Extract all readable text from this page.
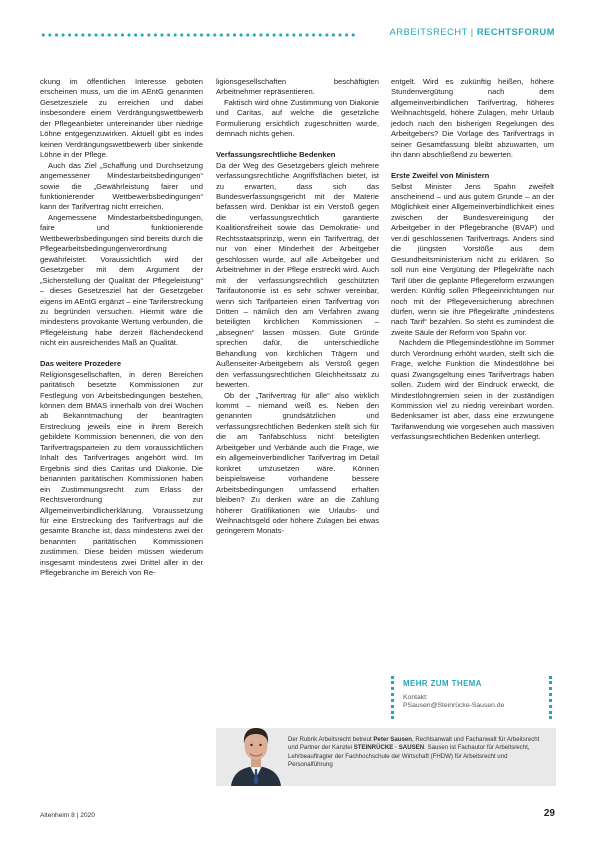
ARBEITSRECHT | RECHTSFORUM

ckung im öffentlichen Interesse geboten erscheinen muss, um die im AEntG genannten Gesetzesziele zu erreichen und dabei insbesondere einem Verdrängungswettbewerb der Pflegeanbieter untereinander über niedrige Löhne entgegenzuwirken. Aktuell gibt es indes keinen Verdrängungswettbewerb über sinkende Löhne in der Pflege.

Auch das Ziel „Schaffung und Durchsetzung angemessener Mindestarbeitsbedingungen“ sowie die „Gewährleistung fairer und funktionierender Wettbewerbsbedingungen“ kann der Tarifvertrag nicht erreichen.

Angemessene Mindestarbeitsbedingungen, faire und funktionierende Wettbewerbsbedingungen sind bereits durch die Pflegearbeitsbedingungenverordnung gewährleistet. Voraussichtlich wird der Gesetzgeber mit dem Argument der „Sicherstellung der Qualität der Pflegeleistung“ – dieses Gesetzesziel hat der Gesetzgeber eigens im AEntG ergänzt – eine Tariferstreckung zu begründen versuchen. Hiermit wäre die mindestens provokante Wertung verbunden, die Pflegeleistung habe derzeit flächendeckend nicht ein ausreichendes Maß an Qualität.

Das weitere Prozedere

Religionsgesellschaften, in deren Bereichen paritätisch besetzte Kommissionen zur Festlegung von Arbeitsbedingungen bestehen, können dem BMAS innerhalb von drei Wochen ab Bekanntmachung der beantragten Erstreckung jeweils eine in ihrem Bereich gebildete Kommission benennen, die von den Tarifvertragsparteien zu dem voraussichtlichen Inhalt des Tarifvertrages angehört wird. Im Ergebnis sind dies Caritas und Diakonie. Die benannten paritätischen Kommissionen haben ein Zustimmungsrecht zum Erlass der Rechtsverordnung zur Allgemeinverbindlicherklärung. Voraussetzung für eine Erstreckung des Tarifvertrags auf die gesamte Branche ist, dass mindestens zwei der benannten paritätischen Kommissionen zustimmen. Diese beiden müssen wiederum insgesamt mindestens zwei Drittel aller in der Pflegebranche im Bereich von Re-

ligionsgesellschaften beschäftigten Arbeitnehmer repräsentieren.

Faktisch wird ohne Zustimmung von Diakonie und Caritas, auf welche die gesetzliche Formulierung ersichtlich zugeschnitten wurde, demnach nichts gehen.

Verfassungsrechtliche Bedenken

Da der Weg des Gesetzgebers gleich mehrere verfassungsrechtliche Angriffsflächen bietet, ist zu erwarten, dass sich das Bundesverfassungsgericht mit der Materie befassen wird. Denkbar ist ein Verstoß gegen die verfassungsrechtlich garantierte Koalitionsfreiheit sowie das Demokratie- und Rechtsstaatsprinzip, wenn ein Tarifvertrag, der nur von einer Minderheit der Arbeitgeber geschlossen wurde, auf alle Arbeitgeber und Arbeitnehmer in der Pflege erstreckt wird. Auch mit der verfassungsrechtlich geschützten Tarifautonomie ist es sehr schwer vereinbar, wenn sich Tarifparteien einen Tarifvertrag von Dritten – nämlich den am Verfahren zwang beteiligten kirchlichen Kommissionen – „absegnen“ lassen müssen. Gute Gründe sprechen dafür, die unterschiedliche Behandlung von kirchlichen Trägern und Außenseiter-Arbeitgebern als Verstoß gegen den verfassungsrechtlichen Gleichheitssatz zu bewerten.

Ob der „Tarifvertrag für alle“ also wirklich kommt – niemand weiß es. Neben den genannten grundsätzlichen und verfassungsrechtlichen Bedenken stellt sich für die am Tarifabschluss nicht beteiligten Arbeitgeber und Verbände auch die Frage, wie ein allgemeinverbindlicher Tarifvertrag im Detail konkret umzusetzen wäre. Können beispielsweise vorhandene bessere Arbeitsbedingungen umfassend erhalten bleiben? Zu denken wäre an die Zahlung höherer Gratifikationen wie Urlaubs- und Weihnachtsgeld oder höhere Zulagen bei etwas geringerem Monats-

entgelt. Wird es zukünftig heißen, höhere Stundenvergütung nach dem allgemeinverbindlichen Tarifvertrag, höheres Weihnachtsgeld, höhere Zulagen, mehr Urlaub jedoch nach den bisherigen Regelungen des Arbeitgebers? Die Vorlage des Tarifvertrags in seiner Gesamtfassung bleibt abzuwarten, um ihn dann abschließend zu bewerten.

Erste Zweifel von Ministern

Selbst Minister Jens Spahn zweifelt anscheinend – und aus gutem Grunde – an der Möglichkeit einer Allgemeinverbindlichkeit eines zwischen der Bundesvereinigung der Arbeitgeber in der Pflegebranche (BVAP) und ver.di geschlossenen Tarifvertrags. Anders sind die jüngsten Vorstöße aus dem Gesundheitsministerium nicht zu erklären. So soll nun eine Vergütung der Pflegekräfte nach Tarif über die geplante Pflegereform erzwungen werden: Künftig sollen Pflegeeinrichtungen nur noch mit der Pflegeversicherung abrechnen dürfen, wenn sie ihre Pflegekräfte „mindestens nach Tarif“ bezahlen. So steht es zumindest die zweite Säule der Reform von Spahn vor.

Nachdem die Pflegemindestlöhne im Sommer durch Verordnung erhöht wurden, stellt sich die Frage, welche Funktion die Mindestlöhne bei quasi Zwangsgeltung eines Tarifvertrags haben sollen. Zudem wird der Eindruck erweckt, die Mindestlohngremien seien in der zuständigen Kommission viel zu niedrig vereinbart worden. Bedenksamer ist aber, dass eine erzwungene Tarifanwendung wie vorgesehen auch massiven verfassungsrechtlichen Bedenken unterliegt.

MEHR ZUM THEMA
Kontakt:
PSausen@Steinrücke-Sausen.de
Der Rubrik Arbeitsrecht betreut Peter Sausen, Rechtsanwalt und Fachanwalt für Arbeitsrecht und Partner der Kanzlei STEINRÜCKE · SAUSEN. Sausen ist Fachautor für Arbeitsrecht, Lehrbeauftragter der Fachhochschule der Wirtschaft (FHDW) für Arbeitsrecht und Personalführung
Altenheim 8 | 2020	29
